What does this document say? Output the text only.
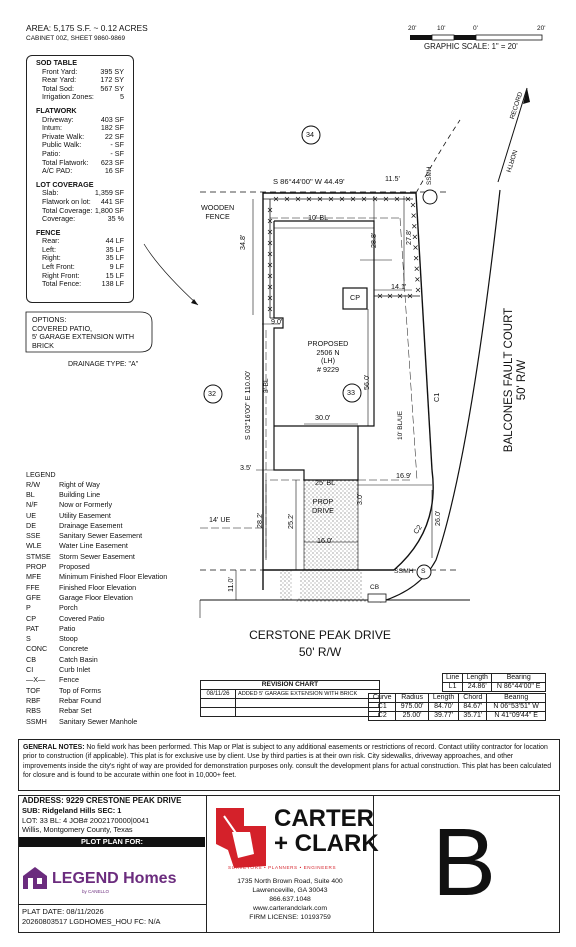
AREA: 5,175 S.F. ~ 0.12 ACRES
CABINET 00Z, SHEET 9860-9869
20'	10'	0'	20'
GRAPHIC SCALE: 1" = 20'
SOD TABLE
Front Yard:	395 SY
Rear Yard:	172 SY
Total Sod:	567 SY
Irrigation Zones:	5
FLATWORK
Driveway:	403 SF
Intum:	182 SF
Private Walk:	22 SF
Public Walk:	- SF
Patio:	- SF
Total Flatwork: 623 SF
A/C PAD:	16 SF
LOT COVERAGE
Slab:	1,359 SF
Flatwork on lot: 441 SF
Total Coverage: 1,800 SF
Coverage:	35 %
FENCE
Rear:	44 LF
Left:	35 LF
Right:	35 LF
Left Front:	9 LF
Right Front:	15 LF
Total Fence:	138 LF
OPTIONS:
COVERED PATIO,
5' GARAGE EXTENSION WITH
BRICK
DRAINAGE TYPE: "A"
LEGEND
R/W	Right of Way
BL	Building Line
N/F	Now or Formerly
UE	Utility Easement
DE	Drainage Easement
SSE	Sanitary Sewer Easement
WLE	Water Line Easement
STMSE	Storm Sewer Easement
PROP	Proposed
MFE	Minimum Finished Floor Elevation
FFE	Finished Floor Elevation
GFE	Garage Floor Elevation
P	Porch
CP	Covered Patio
PAT	Patio
S	Stoop
CONC	Concrete
CB	Catch Basin
CI	Curb Inlet
—X—	Fence
TOF	Top of Forms
RBF	Rebar Found
RBS	Rebar Set
SSMH	Sanitary Sewer Manhole
34
33
32
S 86°44'00" W 44.49'
S 03°16'00" E 110.00'
WOODEN
FENCE	10' BL
3' BL
10' BL/UE
PROPOSED
2506 N
(LH)
# 9229
CP
34.8'	28.8'	27.8'
11.5'
14.1'
9.0'
56.0'
30.0'
3.5'
16.9'
25' BL
3.0'
28.2'	25.2'
16.0'
26.0'
11.0'
14' UE
PROP
DRIVE
C1
C2
SSMH
SSMH S
CB
RECORD
NORTH
BALCONES FAULT COURT 50' R/W
CERSTONE PEAK DRIVE
50' R/W
REVISION CHART	
08/11/26	ADDED 5' GARAGE EXTENSION WITH BRICK

Line	Length	Bearing
L1	24.86'	N 86°44'00" E
Curve	Radius	Length	Chord	Bearing
C1	975.00'	84.70'	84.67'	N 06°53'51" W
C2	25.00'	39.77'	35.71'	N 41°09'44" E
GENERAL NOTES: No field work has been performed. This Map or Plat is subject to any additional easements or restrictions of record. Contact utility contractor for location prior to construction (if applicable). This plat is for exclusive use by client. Use by third parties is at their own risk. City sidewalks, driveway approaches, and other improvements inside the city's right of way are provided for demonstration purposes only. consult the development plans for actual construction. This plat has been calculated for closure and is found to be accurate within one foot in 10,000+ feet.
ADDRESS: 9229 CRESTONE PEAK DRIVE
SUB: Ridgeland Hills SEC: 1
LOT: 33 BL: 4 JOB# 2002170000|0041
Willis, Montgomery County, Texas
PLOT PLAN FOR:
LEGEND Homes
by CANELLO
PLAT DATE: 08/11/2026
20260803517 LGDHOMES_HOU FC: N/A
CARTER
+ CLARK
SURVEYORS • PLANNERS • ENGINEERS
1735 North Brown Road, Suite 400
Lawrenceville, GA 30043
866.637.1048
www.carterandclark.com
FIRM LICENSE: 10193759
B
